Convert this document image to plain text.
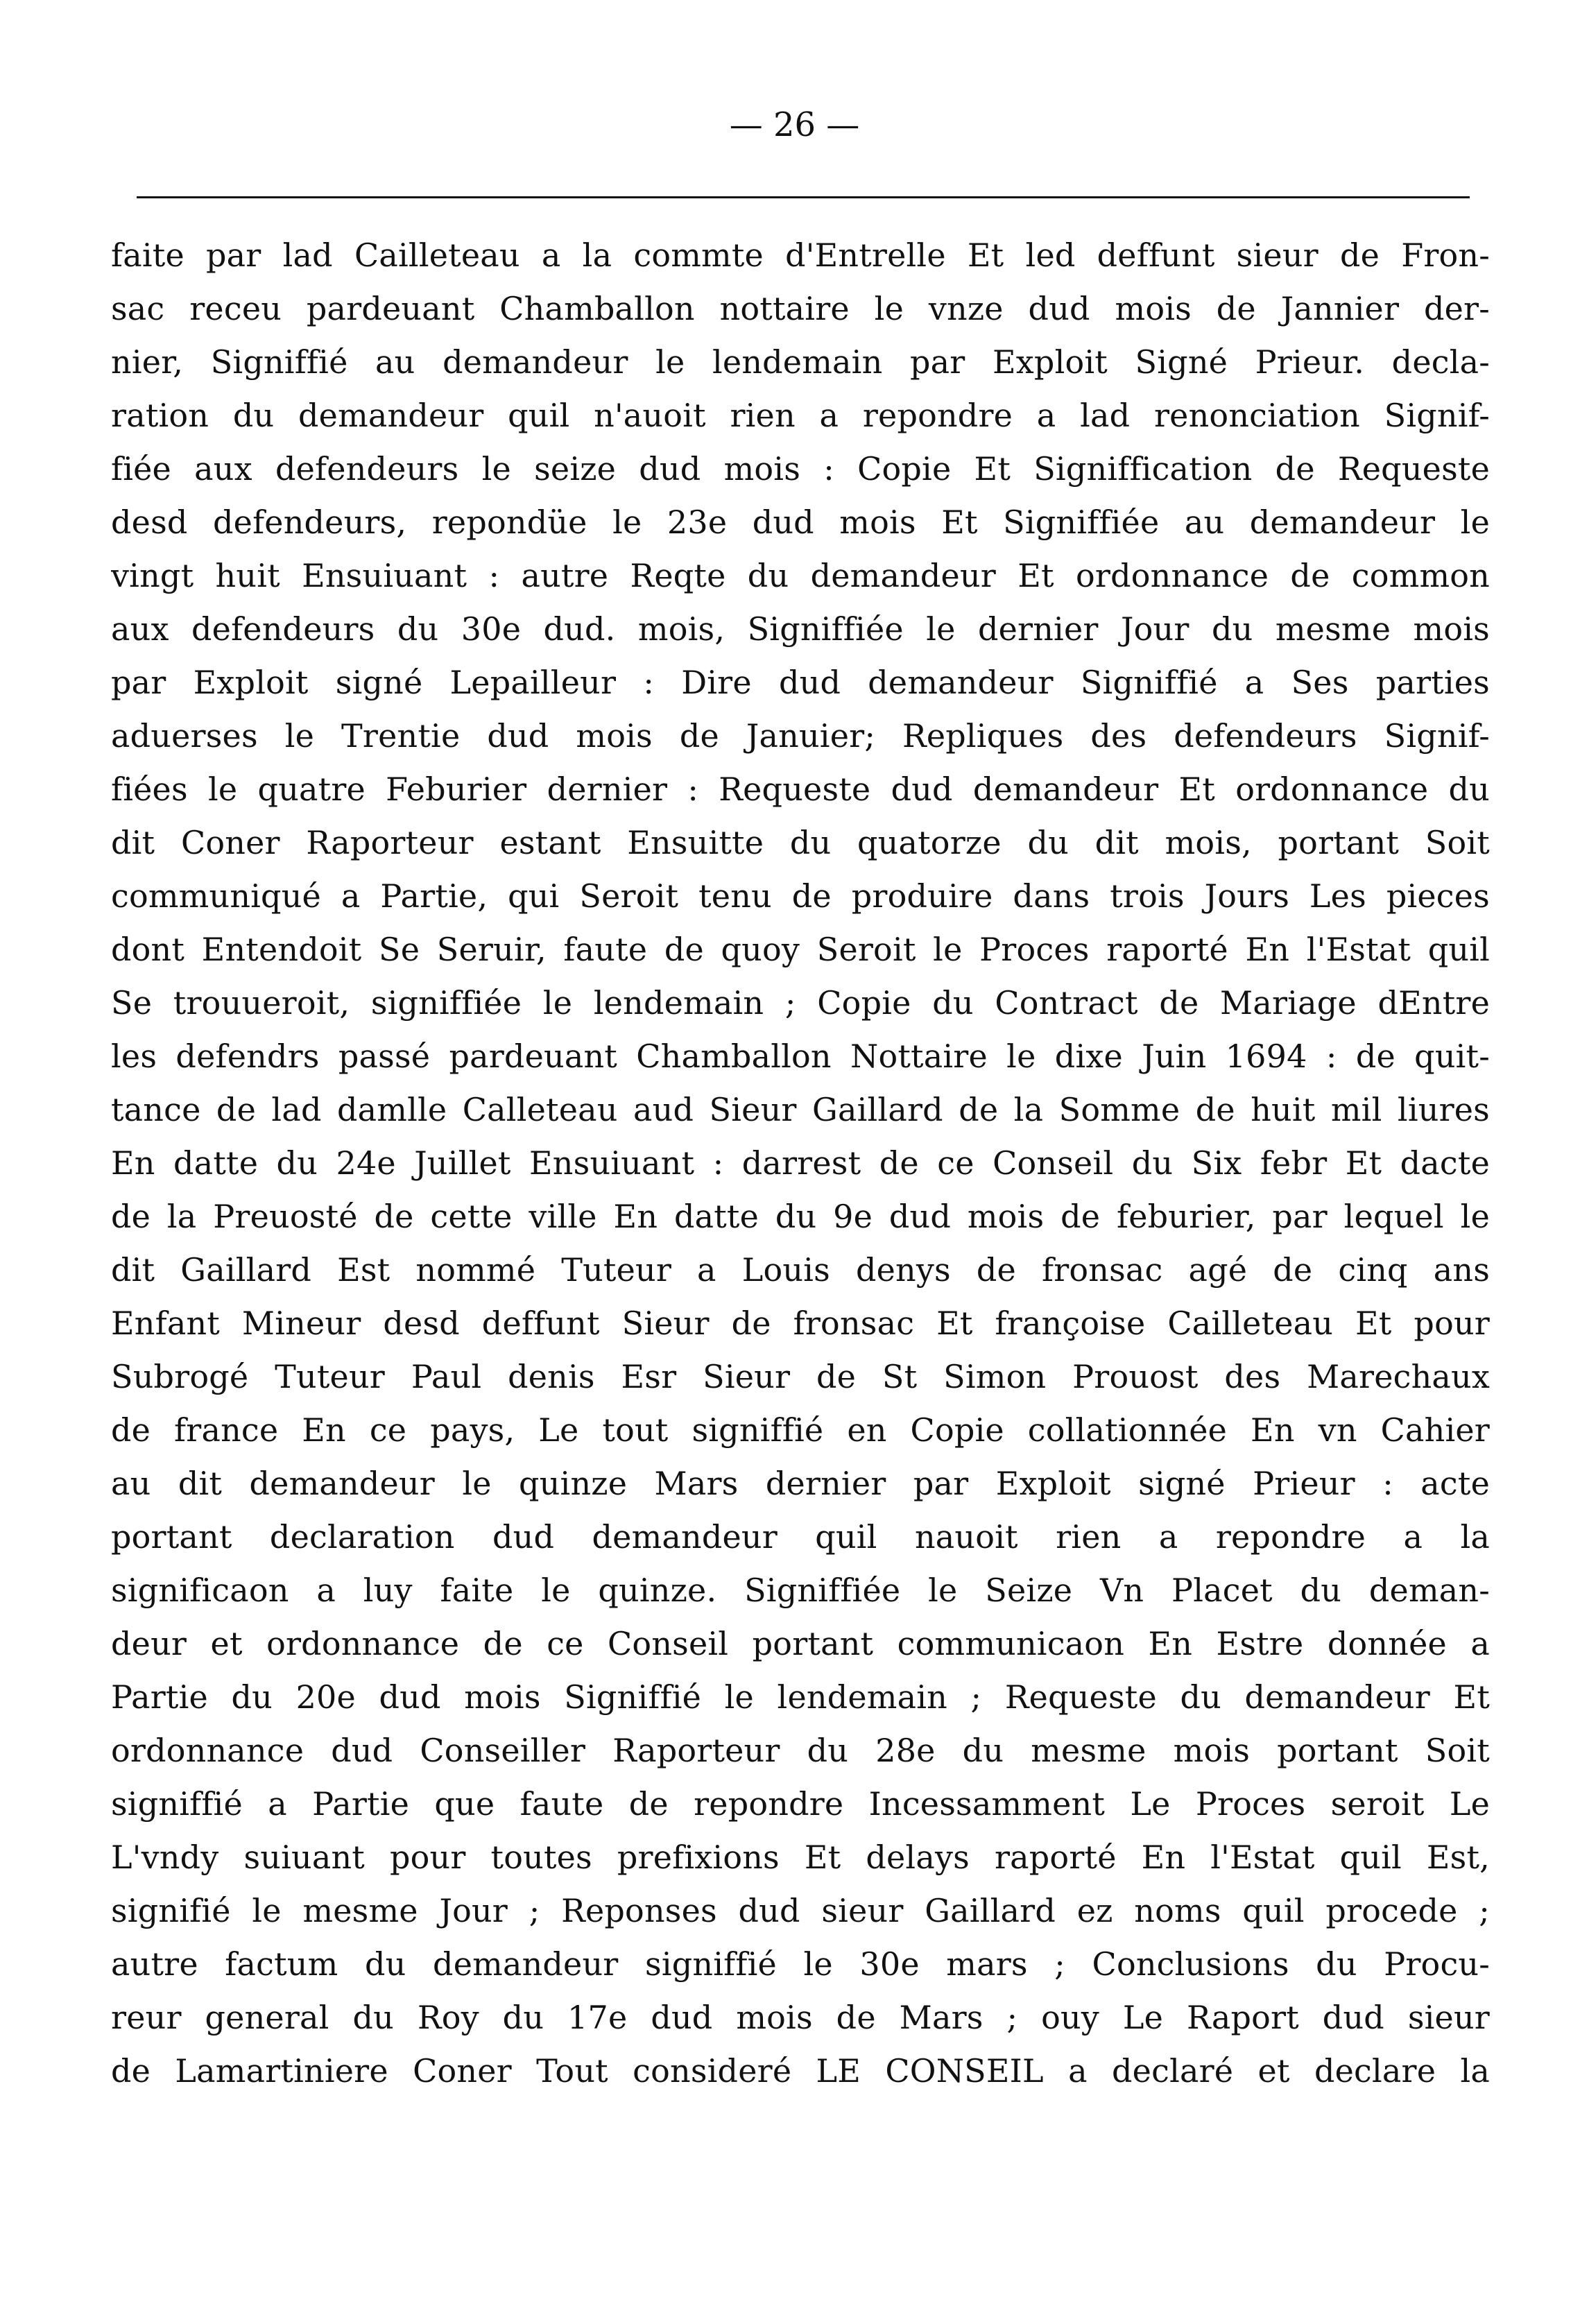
— 26 —
faite par lad Cailleteau a la commte d'Entrelle Et led deffunt sieur de Fron-
sac receu pardeuant Chamballon nottaire le vnze dud mois de Jannier der-
nier, Signiffié au demandeur le lendemain par Exploit Signé Prieur. decla-
ration du demandeur quil n'auoit rien a repondre a lad renonciation Signif-
fiée aux defendeurs le seize dud mois : Copie Et Signiffication de Requeste
desd defendeurs, repondüe le 23e dud mois Et Signiffiée au demandeur le
vingt huit Ensuiuant : autre Reqte du demandeur Et ordonnance de common
aux defendeurs du 30e dud. mois, Signiffiée le dernier Jour du mesme mois
par Exploit signé Lepailleur : Dire dud demandeur Signiffié a Ses parties
aduerses le Trentie dud mois de Januier; Repliques des defendeurs Signif-
fiées le quatre Feburier dernier : Requeste dud demandeur Et ordonnance du
dit Coner Raporteur estant Ensuitte du quatorze du dit mois, portant Soit
communiqué a Partie, qui Seroit tenu de produire dans trois Jours Les pieces
dont Entendoit Se Seruir, faute de quoy Seroit le Proces raporté En l'Estat quil
Se trouueroit, signiffiée le lendemain ; Copie du Contract de Mariage dEntre
les defendrs passé pardeuant Chamballon Nottaire le dixe Juin 1694 : de quit-
tance de lad damlle Calleteau aud Sieur Gaillard de la Somme de huit mil liures
En datte du 24e Juillet Ensuiuant : darrest de ce Conseil du Six febr Et dacte
de la Preuosté de cette ville En datte du 9e dud mois de feburier, par lequel le
dit Gaillard Est nommé Tuteur a Louis denys de fronsac agé de cinq ans
Enfant Mineur desd deffunt Sieur de fronsac Et françoise Cailleteau Et pour
Subrogé Tuteur Paul denis Esr Sieur de St Simon Prouost des Marechaux
de france En ce pays, Le tout signiffié en Copie collationnée En vn Cahier
au dit demandeur le quinze Mars dernier par Exploit signé Prieur : acte
portant declaration dud demandeur quil nauoit rien a repondre a la
significaon a luy faite le quinze. Signiffiée le Seize Vn Placet du deman-
deur et ordonnance de ce Conseil portant communicaon En Estre donnée a
Partie du 20e dud mois Signiffié le lendemain ; Requeste du demandeur Et
ordonnance dud Conseiller Raporteur du 28e du mesme mois portant Soit
signiffié a Partie que faute de repondre Incessamment Le Proces seroit Le
L'vndy suiuant pour toutes prefixions Et delays raporté En l'Estat quil Est,
signifié le mesme Jour ; Reponses dud sieur Gaillard ez noms quil procede ;
autre factum du demandeur signiffié le 30e mars ; Conclusions du Procu-
reur general du Roy du 17e dud mois de Mars ; ouy Le Raport dud sieur
de Lamartiniere Coner Tout consideré LE CONSEIL a declaré et declare la
